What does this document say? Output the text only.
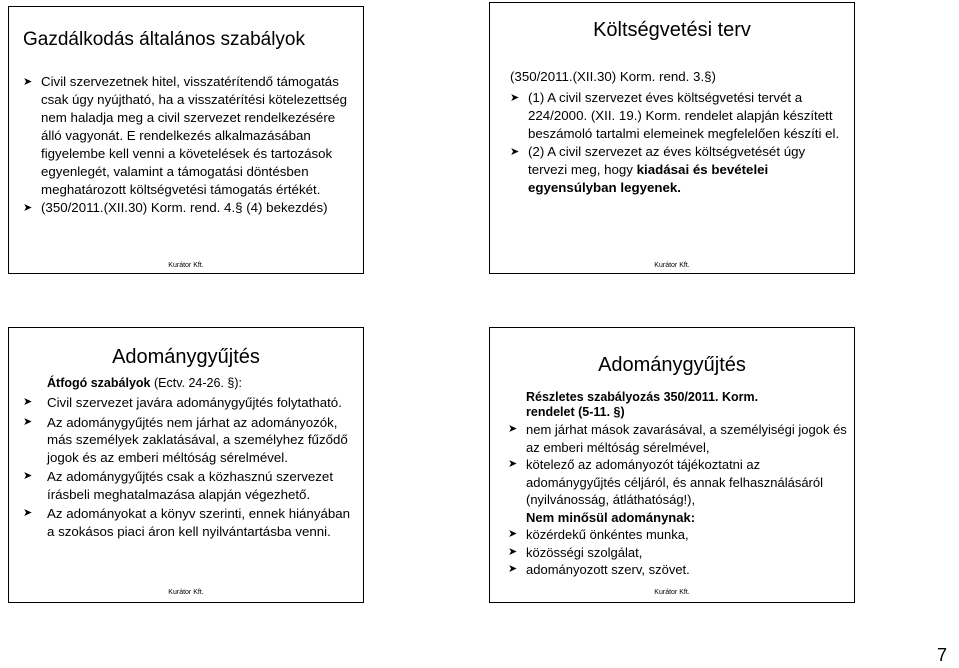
Gazdálkodás általános szabályok
➤ Civil szervezetnek hitel, visszatérítendő támogatás csak úgy nyújtható, ha a visszatérítési kötelezettség nem haladja meg a civil szervezet rendelkezésére álló vagyonát. E rendelkezés alkalmazásában figyelembe kell venni a követelések és tartozások egyenlegét, valamint a támogatási döntésben meghatározott költségvetési támogatás értékét.
➤ (350/2011.(XII.30) Korm. rend. 4.§ (4) bekezdés)
Kurátor Kft.
Költségvetési terv
(350/2011.(XII.30) Korm. rend. 3.§)
➤ (1) A civil szervezet éves költségvetési tervét a 224/2000. (XII. 19.) Korm. rendelet alapján készített beszámoló tartalmi elemeinek megfelelően készíti el.
➤ (2) A civil szervezet az éves költségvetését úgy tervezi meg, hogy kiadásai és bevételei egyensúlyban legyenek.
Kurátor Kft.
Adománygyűjtés
Átfogó szabályok (Ectv. 24-26. §):
➤ Civil szervezet javára adománygyűjtés folytatható.
➤ Az adománygyűjtés nem járhat az adományozók, más személyek zaklatásával, a személyhez fűződő jogok és az emberi méltóság sérelmével.
➤ Az adománygyűjtés csak a közhasznú szervezet írásbeli meghatalmazása alapján végezhető.
➤ Az adományokat a könyv szerinti, ennek hiányában a szokásos piaci áron kell nyilvántartásba venni.
Kurátor Kft.
Adománygyűjtés
Részletes szabályozás 350/2011. Korm. rendelet (5-11. §)
➤ nem járhat mások zavarásával, a személyiségi jogok és az emberi méltóság sérelmével,
➤ kötelező az adományozót tájékoztatni az adománygyűjtés céljáról, és annak felhasználásáról (nyilvánosság, átláthatóság!),
Nem minősül adománynak:
➤ közérdekű önkéntes munka,
➤ közösségi szolgálat,
➤ adományozott szerv, szövet.
Kurátor Kft.
7
